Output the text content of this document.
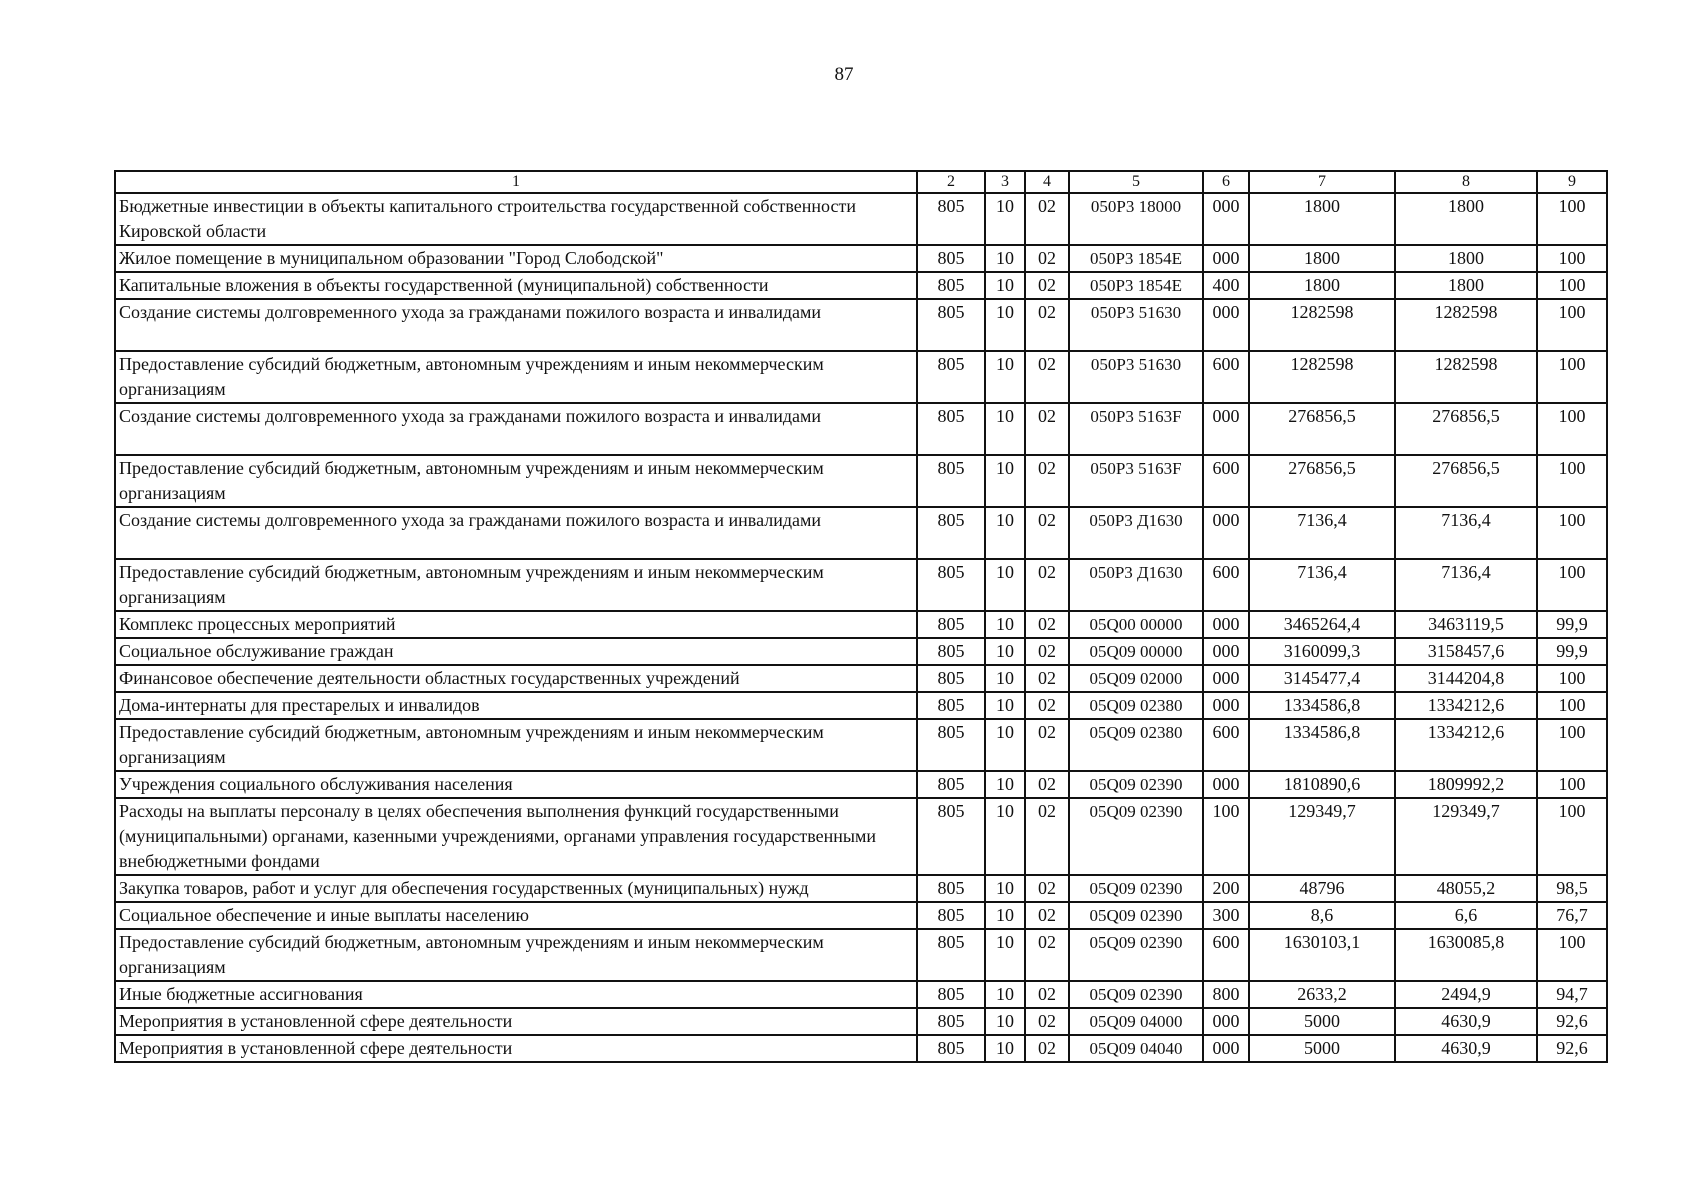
87
1	2	3	4	5	6	7	8	9
Бюджетные инвестиции в объекты капитального строительства государственной собственности Кировской области	805	10	02	050Р3 18000	000	1800	1800	100
Жилое помещение в муниципальном образовании "Город Слободской"	805	10	02	050Р3 1854Е	000	1800	1800	100
Капитальные вложения в объекты государственной (муниципальной) собственности	805	10	02	050Р3 1854Е	400	1800	1800	100
Создание системы долговременного ухода за гражданами пожилого возраста и инвалидами	805	10	02	050Р3 51630	000	1282598	1282598	100
Предоставление субсидий бюджетным, автономным учреждениям и иным некоммерческим организациям	805	10	02	050Р3 51630	600	1282598	1282598	100
Создание системы долговременного ухода за гражданами пожилого возраста и инвалидами	805	10	02	050Р3 5163F	000	276856,5	276856,5	100
Предоставление субсидий бюджетным, автономным учреждениям и иным некоммерческим организациям	805	10	02	050Р3 5163F	600	276856,5	276856,5	100
Создание системы долговременного ухода за гражданами пожилого возраста и инвалидами	805	10	02	050Р3 Д1630	000	7136,4	7136,4	100
Предоставление субсидий бюджетным, автономным учреждениям и иным некоммерческим организациям	805	10	02	050Р3 Д1630	600	7136,4	7136,4	100
Комплекс процессных мероприятий	805	10	02	05Q00 00000	000	3465264,4	3463119,5	99,9
Социальное обслуживание граждан	805	10	02	05Q09 00000	000	3160099,3	3158457,6	99,9
Финансовое обеспечение деятельности областных государственных учреждений	805	10	02	05Q09 02000	000	3145477,4	3144204,8	100
Дома-интернаты для престарелых и инвалидов	805	10	02	05Q09 02380	000	1334586,8	1334212,6	100
Предоставление субсидий бюджетным, автономным учреждениям и иным некоммерческим организациям	805	10	02	05Q09 02380	600	1334586,8	1334212,6	100
Учреждения социального обслуживания населения	805	10	02	05Q09 02390	000	1810890,6	1809992,2	100
Расходы на выплаты персоналу в целях обеспечения выполнения функций государственными (муниципальными) органами, казенными учреждениями, органами управления государственными внебюджетными фондами	805	10	02	05Q09 02390	100	129349,7	129349,7	100
Закупка товаров, работ и услуг для обеспечения государственных (муниципальных) нужд	805	10	02	05Q09 02390	200	48796	48055,2	98,5
Социальное обеспечение и иные выплаты населению	805	10	02	05Q09 02390	300	8,6	6,6	76,7
Предоставление субсидий бюджетным, автономным учреждениям и иным некоммерческим организациям	805	10	02	05Q09 02390	600	1630103,1	1630085,8	100
Иные бюджетные ассигнования	805	10	02	05Q09 02390	800	2633,2	2494,9	94,7
Мероприятия в установленной сфере деятельности	805	10	02	05Q09 04000	000	5000	4630,9	92,6
Мероприятия в установленной сфере деятельности	805	10	02	05Q09 04040	000	5000	4630,9	92,6
